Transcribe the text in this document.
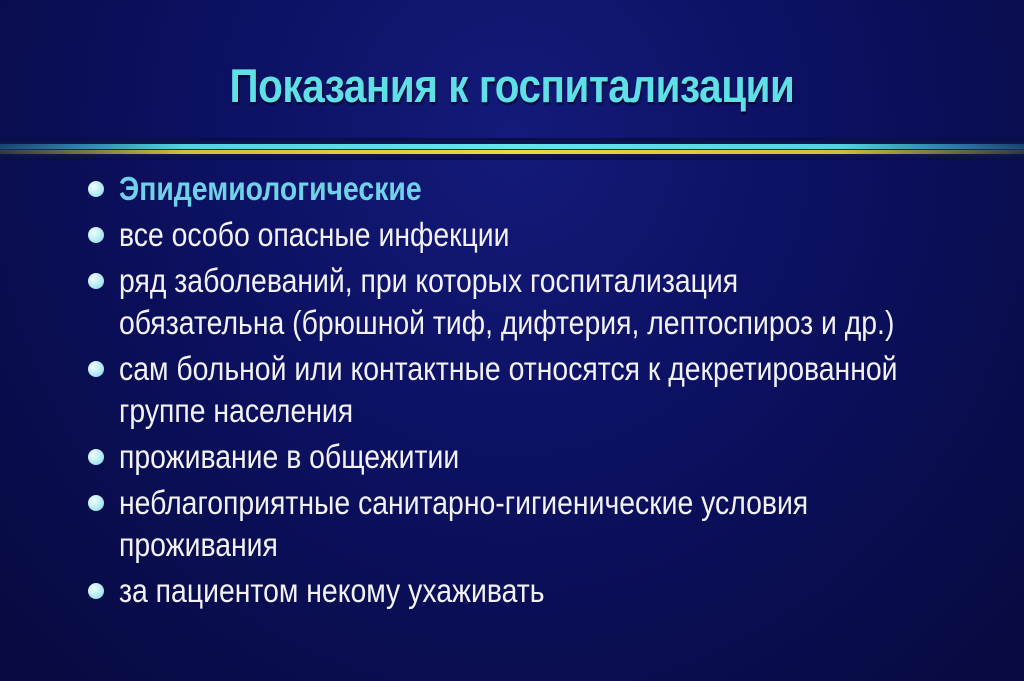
Показания к госпитализации
Эпидемиологические
все особо опасные инфекции
ряд заболеваний, при которых госпитализация
обязательна (брюшной тиф, дифтерия, лептоспироз и др.)
сам больной или контактные относятся к декретированной
группе населения
проживание в общежитии
неблагоприятные санитарно-гигиенические условия
проживания
за пациентом некому ухаживать
